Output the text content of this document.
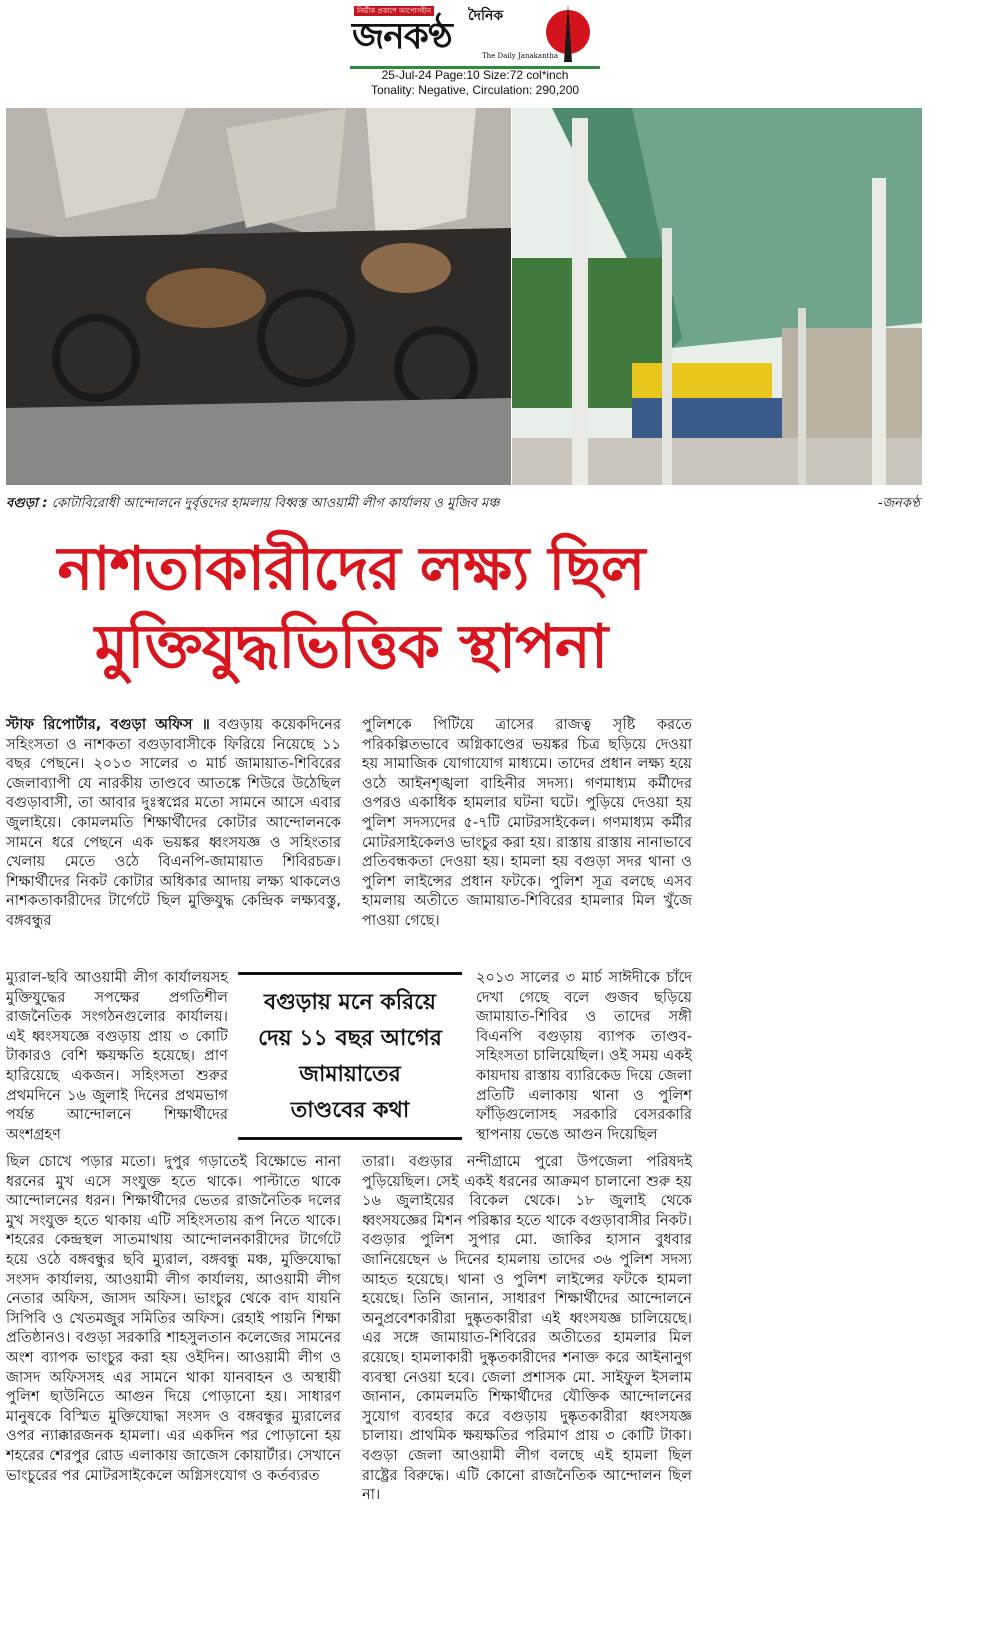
নির্ভীক প্রকাশে আপোসহীন	দৈনিক
জনকণ্ঠ	The Daily Janakantha
25-Jul-24 Page:10 Size:72 col*inch
Tonality: Negative, Circulation: 290,200
বগুড়া : কোটাবিরোধী আন্দোলনে দুর্বৃত্তদের হামলায় বিধ্বস্ত আওয়ামী লীগ কার্যালয় ও মুজিব মঞ্চ	-জনকণ্ঠ
নাশতাকারীদের লক্ষ্য ছিল
মুক্তিযুদ্ধভিত্তিক স্থাপনা
স্টাফ রিপোর্টার, বগুড়া অফিস ॥ বগুড়ায় কয়েকদিনের সহিংসতা ও নাশকতা বগুড়াবাসীকে ফিরিয়ে নিয়েছে ১১ বছর পেছনে। ২০১৩ সালের ৩ মার্চ জামায়াত-শিবিরের জেলাব্যাপী যে নারকীয় তাণ্ডবে আতঙ্কে শিউরে উঠেছিল বগুড়াবাসী, তা আবার দুঃস্বপ্নের মতো সামনে আসে এবার জুলাইয়ে। কোমলমতি শিক্ষার্থীদের কোটার আন্দোলনকে সামনে ধরে পেছনে এক ভয়ঙ্কর ধ্বংসযজ্ঞ ও সহিংতার খেলায় মেতে ওঠে বিএনপি-জামায়াত শিবিরচক্র। শিক্ষার্থীদের নিকট কোটার অধিকার আদায় লক্ষ্য থাকলেও নাশকতাকারীদের টার্গেটে ছিল মুক্তিযুদ্ধ কেন্দ্রিক লক্ষ্যবস্তু, বঙ্গবন্ধুর
ম্যুরাল-ছবি আওয়ামী লীগ কার্যালয়সহ মুক্তিযুদ্ধের সপক্ষের প্রগতিশীল রাজনৈতিক সংগঠনগুলোর কার্যালয়। এই ধ্বংসযজ্ঞে বগুড়ায় প্রায় ৩ কোটি টাকারও বেশি ক্ষয়ক্ষতি হয়েছে। প্রাণ হারিয়েছে একজন। সহিংসতা শুরুর প্রথমদিনে ১৬ জুলাই দিনের প্রথমভাগ পর্যন্ত আন্দোলনে শিক্ষার্থীদের অংশগ্রহণ
বগুড়ায় মনে করিয়ে
দেয় ১১ বছর আগের
জামায়াতের
তাণ্ডবের কথা
ছিল চোখে পড়ার মতো। দুপুর গড়াতেই বিক্ষোভে নানা ধরনের মুখ এসে সংযুক্ত হতে থাকে। পাল্টাতে থাকে আন্দোলনের ধরন। শিক্ষার্থীদের ভেতর রাজনৈতিক দলের মুখ সংযুক্ত হতে থাকায় এটি সহিংসতায় রূপ নিতে থাকে। শহরের কেন্দ্রস্থল সাতমাথায় আন্দোলনকারীদের টার্গেটে হয়ে ওঠে বঙ্গবন্ধুর ছবি ম্যুরাল, বঙ্গবন্ধু মঞ্চ, মুক্তিযোদ্ধা সংসদ কার্যালয়, আওয়ামী লীগ কার্যালয়, আওয়ামী লীগ নেতার অফিস, জাসদ অফিস। ভাংচুর থেকে বাদ যায়নি সিপিবি ও খেতমজুর সমিতির অফিস। রেহাই পায়নি শিক্ষা প্রতিষ্ঠানও। বগুড়া সরকারি শাহসুলতান কলেজের সামনের অংশ ব্যাপক ভাংচুর করা হয় ওইদিন। আওয়ামী লীগ ও জাসদ অফিসসহ এর সামনে থাকা যানবাহন ও অস্থায়ী পুলিশ ছাউনিতে আগুন দিয়ে পোড়ানো হয়। সাধারণ মানুষকে বিস্মিত মুক্তিযোদ্ধা সংসদ ও বঙ্গবন্ধুর ম্যুরালের ওপর ন্যাক্কারজনক হামলা। এর একদিন পর পোড়ানো হয় শহরের শেরপুর রোড এলাকায় জাজেস কোয়ার্টার। সেখানে ভাংচুরের পর মোটরসাইকেলে অগ্নিসংযোগ ও কর্তব্যরত
পুলিশকে পিটিয়ে ত্রাসের রাজত্ব সৃষ্টি করতে পরিকল্পিতভাবে অগ্নিকাণ্ডের ভয়ঙ্কর চিত্র ছড়িয়ে দেওয়া হয় সামাজিক যোগাযোগ মাধ্যমে। তাদের প্রধান লক্ষ্য হয়ে ওঠে আইনশৃঙ্খলা বাহিনীর সদস্য। গণমাধ্যম কর্মীদের ওপরও একাধিক হামলার ঘটনা ঘটে। পুড়িয়ে দেওয়া হয় পুলিশ সদস্যদের ৫-৭টি মোটরসাইকেল। গণমাধ্যম কর্মীর মোটরসাইকেলও ভাংচুর করা হয়। রাস্তায় রাস্তায় নানাভাবে প্রতিবন্ধকতা দেওয়া হয়। হামলা হয় বগুড়া সদর থানা ও পুলিশ লাইন্সের প্রধান ফটকে। পুলিশ সূত্র বলছে এসব হামলায় অতীতে জামায়াত-শিবিরের হামলার মিল খুঁজে পাওয়া গেছে।
২০১৩ সালের ৩ মার্চ সাঈদীকে চাঁদে দেখা গেছে বলে গুজব ছড়িয়ে জামায়াত-শিবির ও তাদের সঙ্গী বিএনপি বগুড়ায় ব্যাপক তাণ্ডব-সহিংসতা চালিয়েছিল। ওই সময় একই কায়দায় রাস্তায় ব্যারিকেড দিয়ে জেলা প্রতিটি এলাকায় থানা ও পুলিশ ফাঁড়িগুলোসহ সরকারি বেসরকারি স্থাপনায় ভেঙে আগুন দিয়েছিল
তারা। বগুড়ার নন্দীগ্রামে পুরো উপজেলা পরিষদই পুড়িয়েছিল। সেই একই ধরনের আক্রমণ চালানো শুরু হয় ১৬ জুলাইয়ের বিকেল থেকে। ১৮ জুলাই থেকে ধ্বংসযজ্ঞের মিশন পরিষ্কার হতে থাকে বগুড়াবাসীর নিকট। বগুড়ার পুলিশ সুপার মো. জাকির হাসান বুধবার জানিয়েছেন ৬ দিনের হামলায় তাদের ৩৬ পুলিশ সদস্য আহত হয়েছে। থানা ও পুলিশ লাইন্সের ফটকে হামলা হয়েছে। তিনি জানান, সাধারণ শিক্ষার্থীদের আন্দোলনে অনুপ্রবেশকারীরা দুষ্কৃতকারীরা এই ধ্বংসযজ্ঞ চালিয়েছে। এর সঙ্গে জামায়াত-শিবিরের অতীতের হামলার মিল রয়েছে। হামলাকারী দুষ্কৃতকারীদের শনাক্ত করে আইনানুগ ব্যবস্থা নেওয়া হবে। জেলা প্রশাসক মো. সাইফুল ইসলাম জানান, কোমলমতি শিক্ষার্থীদের যৌক্তিক আন্দোলনের সুযোগ ব্যবহার করে বগুড়ায় দুষ্কৃতকারীরা ধ্বংসযজ্ঞ চালায়। প্রাথমিক ক্ষয়ক্ষতির পরিমাণ প্রায় ৩ কোটি টাকা। বগুড়া জেলা আওয়ামী লীগ বলছে এই হামলা ছিল রাষ্ট্রের বিরুদ্ধে। এটি কোনো রাজনৈতিক আন্দোলন ছিল না।
